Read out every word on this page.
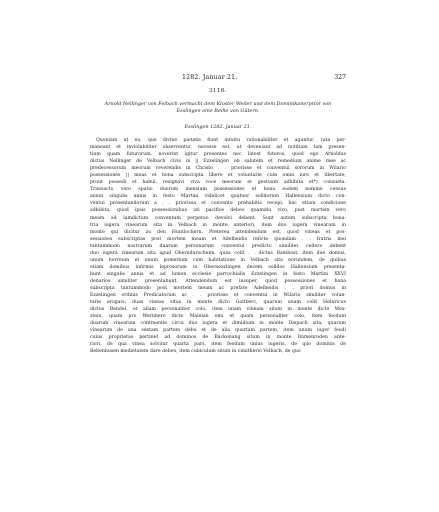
1282. Januar 21.	327
3116.
Arnold Nellinger von Felbach vermacht dem Kloster Weiler und dem Dominikanerprior von
Esslingen eine Reihe von Gütern.
Esslingen 1282. Januar 21.
Quoniam ut ea, que divine pietatis fiunt intuitu rationabiliter et aguntur, rata per-
maneant et inviolabiliter observentur, necesse est, ut deveniant ad notitiam tam presen-
tium quam futurorum, noverint igitur presentes nec latest futuros, quod ego Arnoldus
dictus Nellinger de Velbach civis in || Ezzelingen ob salutem et remedium anime mee ac
predecessorum meorum reverendis in Christo . . priorisse et conventui sororum in Wilario
possessiones || meas et bona subscripta libere et voluntarie cum omni iure et libertate,
prout possedi et habui, resignavi viva voce meorum et gestuum adhibita et*) consueta.
Transacto vero spatio duorum mensium possessiones et bona eadem nomine census
annui singulis annis in festo Martini videlicet quatuor solidorum Hallensium dicto con-
ventui presentandorum a . . priorissa et conventu prehabitis recepi, hac etiam condicione
adhibita, quod ipsis possessionibus uti pacifice debeo quamdiu vivo, post mortem vero
meam ad iamdictum conventum perpetuo devolvi debent. Sunt autem subscripta bona:
tria iugera vinearum sita in Velbach in monte anteriori, item duo iugera vinearum in
monte qui dicitur zu den Huntlochern. Preterea attendendum est, quod vineas et pos-
sessiones subscriptas post mortem meam et Adelheidis relicte quondam . . fratris mei
tantummodo nostrarum duarum personarum conventui predicto similiter cedere debent
duo iugera vinearum sita apud Oberndurscheim, quas colit . . dictus Bambast, item due domus,
unum horreum et unum pomerium cum habitatione in Velbach sita eorundem, de quibus
etiam domibus infirmis leprosorum in Obernezzlingen decem solidos Hallensium presenta-
bunt singulis annis et ad lumen ecclesie parrochialis Ezzelingen in festo Martini XXVI
denarios similiter presentabunt. Attendendum est insuper, quod possessiones et bona
subscripta tantummodo post mortem meam ac prefate Adelheidis . . priori domus in
Ezzelingen ordinis Predicatorum ac . . priorisse et conventui in Wilario similiter volun-
tarie erogavi: duas vineas sitas in monte dicto Goltberc, quarum unam colit Helnricus
dictus Bendel, et allam personaliter colo, item unam vineam sitam in monte dicto Wex-
stein, quam pro Wernhero dicto Maielan emi et quam personaliter colo, item feodum
duarum vinearum continentie circa duo iugera et dimidium in monte Diepach sita, quarum
vinearum de una sextam partem debo et de alia quartam partem, item unum iuger feodi
cuius proprietas pertinet ad dominos de Backenang situm in monte Immenroden ante-
riori, de qua vinea solvitur quarta pars, item feodum unius iugeris, de quo dominis de
Bebenhusen medietatem dare debeo, item cubiculum situm in cimitherio Velbach, de quo
